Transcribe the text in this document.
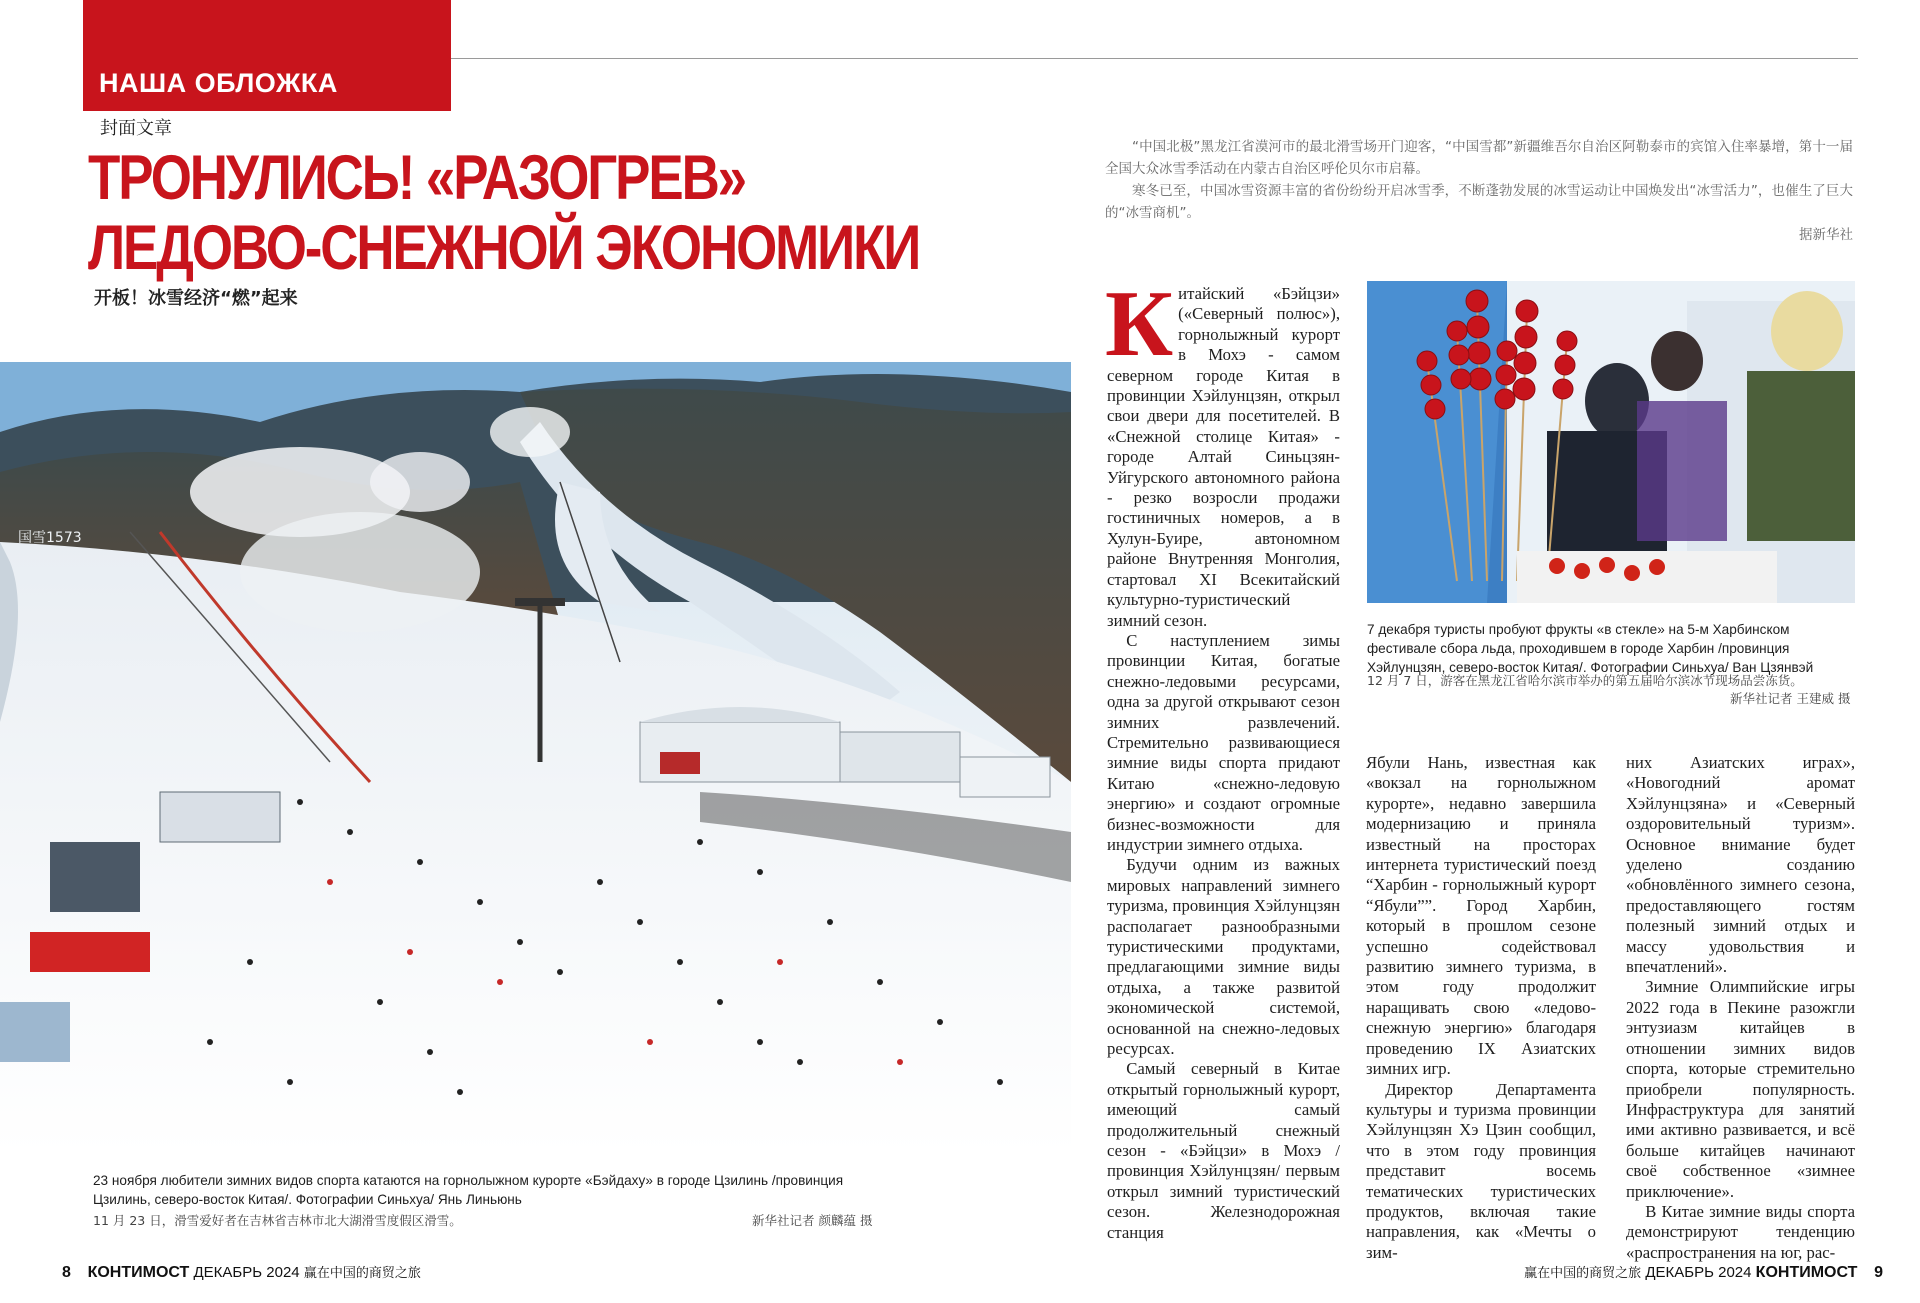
НАША ОБЛОЖКА
封面文章
ТРОНУЛИСЬ! «РАЗОГРЕВ»
ЛЕДОВО-СНЕЖНОЙ ЭКОНОМИКИ
开板！冰雪经济“燃”起来

“中国北极”黑龙江省漠河市的最北滑雪场开门迎客，“中国雪都”新疆维吾尔自治区阿勒泰市的宾馆入住率暴增，第十一届全国大众冰雪季活动在内蒙古自治区呼伦贝尔市启幕。

寒冬已至，中国冰雪资源丰富的省份纷纷开启冰雪季，不断蓬勃发展的冰雪运动让中国焕发出“冰雪活力”，也催生了巨大的“冰雪商机”。

据新华社

国雪1573
23 ноября любители зимних видов спорта катаются на горнолыжном курорте «Бэйдаху» в городе Цзилинь /провинция Цзилинь, северо-восток Китая/. Фотографии Синьхуа/ Янь Линьюнь
11 月 23 日，滑雪爱好者在吉林省吉林市北大湖滑雪度假区滑雪。	新华社记者 颜麟蕴 摄

Китайский «Бэйцзи» («Северный полюс»), горнолыжный курорт в Мохэ - самом северном городе Китая в провинции Хэйлунцзян, открыл свои двери для посетителей. В «Снежной столице Китая» - городе Алтай Синьцзян-Уйгурского автономного района - резко возросли продажи гостиничных номеров, а в Хулун-Буире, автономном районе Внутренняя Монголия, стартовал XI Всекитайский культурно-туристический зимний сезон.

С наступлением зимы провинции Китая, богатые снежно-ледовыми ресурсами, одна за другой открывают сезон зимних развлечений. Стремительно развивающиеся зимние виды спорта придают Китаю «снежно-ледовую энергию» и создают огромные бизнес-возможности для индустрии зимнего отдыха.

Будучи одним из важных мировых направлений зимнего туризма, провинция Хэйлунцзян располагает разнообразными туристическими продуктами, предлагающими зимние виды отдыха, а также развитой экономической системой, основанной на снежно-ледовых ресурсах.

Самый северный в Китае открытый горнолыжный курорт, имеющий самый продолжительный снежный сезон - «Бэйцзи» в Мохэ /провинция Хэйлунцзян/ первым открыл зимний туристический сезон. Железнодорожная станция

7 декабря туристы пробуют фрукты «в стекле» на 5-м Харбинском фестивале сбора льда, проходившем в городе Харбин /провинция Хэйлунцзян, северо-восток Китая/. Фотографии Синьхуа/ Ван Цзянвэй
12 月 7 日，游客在黑龙江省哈尔滨市举办的第五届哈尔滨冰节现场品尝冻货。
新华社记者 王建威 摄

Ябули Нань, известная как «вокзал на горнолыжном курорте», недавно завершила модернизацию и приняла известный на просторах интернета туристический поезд “Харбин - горнолыжный курорт “Ябули””. Город Харбин, который в прошлом сезоне успешно содействовал развитию зимнего туризма, в этом году продолжит наращивать свою «ледово-снежную энергию» благодаря проведению IX Азиатских зимних игр.

Директор Департамента культуры и туризма провинции Хэйлунцзян Хэ Цзин сообщил, что в этом году провинция представит восемь тематических туристических продуктов, включая такие направления, как «Мечты о зим-

них Азиатских играх», «Новогодний аромат Хэйлунцзяна» и «Северный оздоровительный туризм». Основное внимание будет уделено созданию «обновлённого зимнего сезона, предоставляющего гостям полезный зимний отдых и массу удовольствия и впечатлений».

Зимние Олимпийские игры 2022 года в Пекине разожгли энтузиазм китайцев в отношении зимних видов спорта, которые стремительно приобрели популярность. Инфраструктура для занятий ими активно развивается, и всё больше китайцев начинают своё собственное «зимнее приключение».

В Китае зимние виды спорта демонстрируют тенденцию «распространения на юг, рас-

8 КОНТИМОСТ ДЕКАБРЬ 2024 赢在中国的商贸之旅	赢在中国的商贸之旅 ДЕКАБРЬ 2024 КОНТИМОСТ 9
